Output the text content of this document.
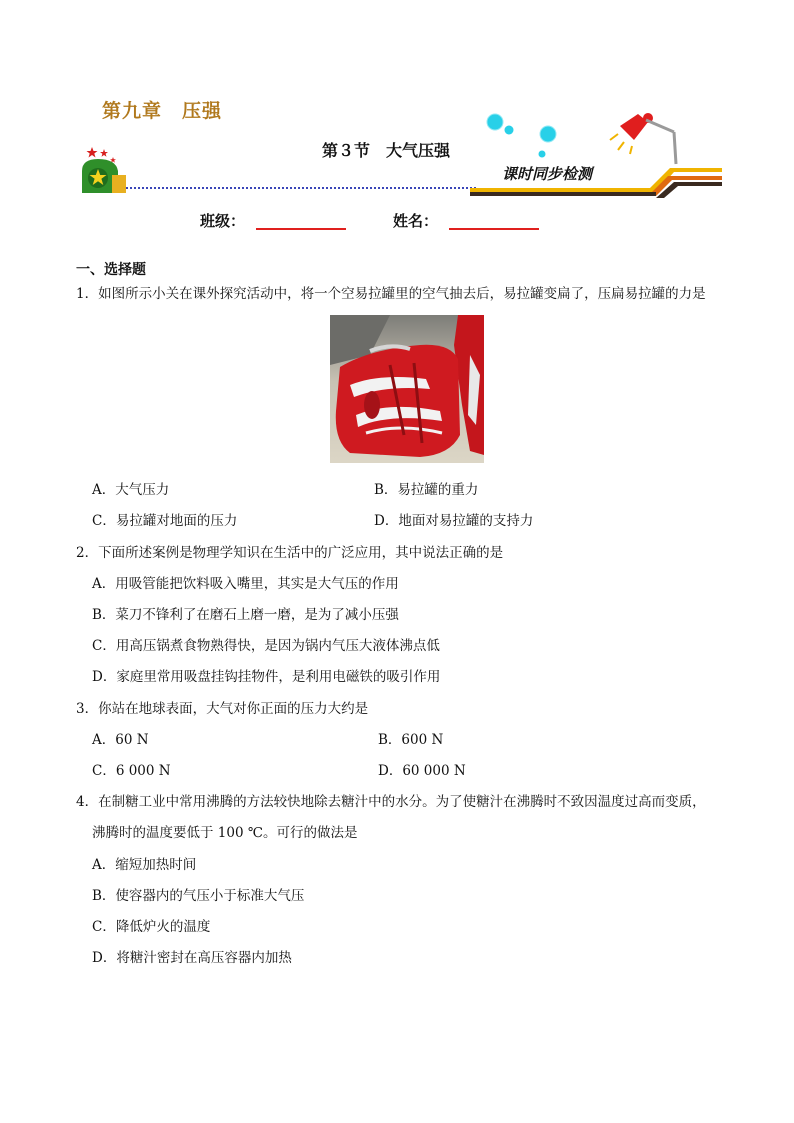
第九章　压强
第３节　大气压强
课时同步检测
班级：	姓名：
一、选择题
1．如图所示小关在课外探究活动中，将一个空易拉罐里的空气抽去后，易拉罐变扁了，压扁易拉罐的力是
A．大气压力	B．易拉罐的重力
C．易拉罐对地面的压力	D．地面对易拉罐的支持力
2．下面所述案例是物理学知识在生活中的广泛应用，其中说法正确的是
A．用吸管能把饮料吸入嘴里，其实是大气压的作用
B．菜刀不锋利了在磨石上磨一磨，是为了减小压强
C．用高压锅煮食物熟得快，是因为锅内气压大液体沸点低
D．家庭里常用吸盘挂钩挂物件，是利用电磁铁的吸引作用
3．你站在地球表面，大气对你正面的压力大约是
A．60 N	B．600 N
C．6 000 N	D．60 000 N
4．在制糖工业中常用沸腾的方法较快地除去糖汁中的水分。为了使糖汁在沸腾时不致因温度过高而变质，
沸腾时的温度要低于 100 ℃。可行的做法是
A．缩短加热时间
B．使容器内的气压小于标准大气压
C．降低炉火的温度
D．将糖汁密封在高压容器内加热
